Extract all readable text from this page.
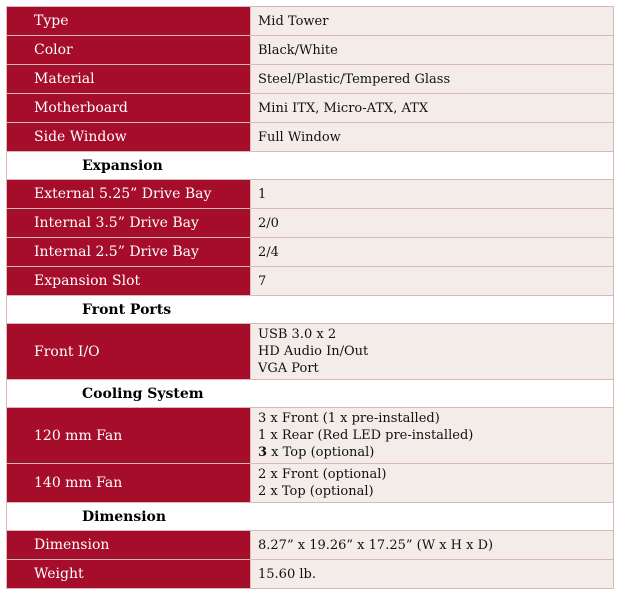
Type	Mid Tower
Color	Black/White
Material	Steel/Plastic/Tempered Glass
Motherboard	Mini ITX, Micro-ATX, ATX
Side Window	Full Window
Expansion	
External 5.25” Drive Bay	1
Internal 3.5” Drive Bay	2/0
Internal 2.5” Drive Bay	2/4
Expansion Slot	7
Front Ports	
Front I/O	USB 3.0 x 2
HD Audio In/Out
VGA Port

Cooling System	
120 mm Fan	3 x Front (1 x pre-installed)
1 x Rear (Red LED pre-installed)
3 x Top (optional)

140 mm Fan	2 x Front (optional)
2 x Top (optional)

Dimension	
Dimension	8.27” x 19.26” x 17.25” (W x H x D)
Weight	15.60 lb.
